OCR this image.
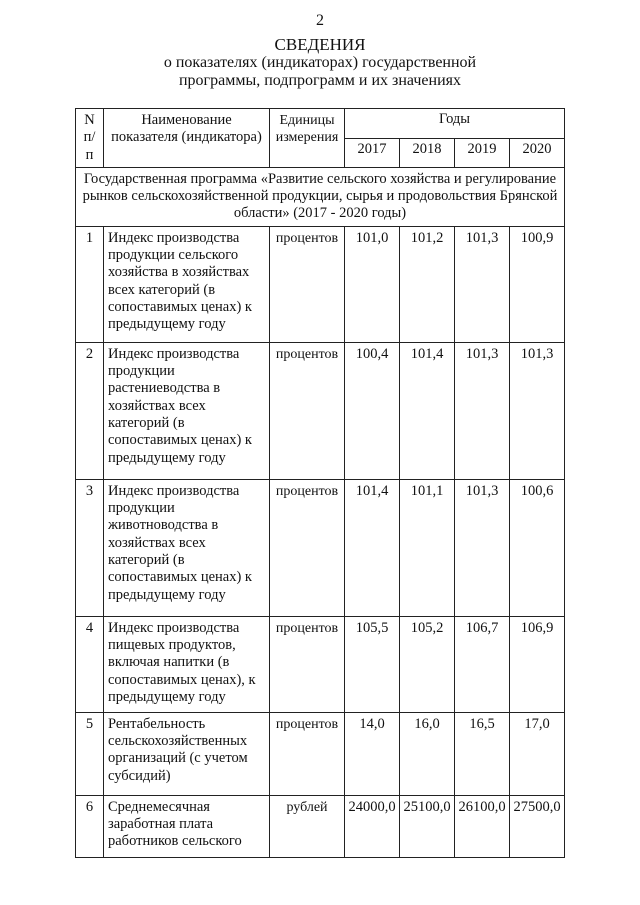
2
СВЕДЕНИЯ
о показателях (индикаторах) государственной
программы, подпрограмм и их значениях
N п/п	Наименование показателя (индикатора)	Единицы измерения	Годы			
			2017	2018	2019	2020
Государственная программа «Развитие сельского хозяйства и регулирование рынков сельскохозяйственной продукции, сырья и продовольствия Брянской области» (2017 - 2020 годы)						
1	Индекс производства продукции сельского хозяйства в хозяйствах всех категорий (в сопоставимых ценах) к предыдущему году	процентов	101,0	101,2	101,3	100,9
2	Индекс производства продукции растениеводства в хозяйствах всех категорий (в сопоставимых ценах) к предыдущему году	процентов	100,4	101,4	101,3	101,3
3	Индекс производства продукции животноводства в хозяйствах всех категорий (в сопоставимых ценах) к предыдущему году	процентов	101,4	101,1	101,3	100,6
4	Индекс производства пищевых продуктов, включая напитки (в сопоставимых ценах), к предыдущему году	процентов	105,5	105,2	106,7	106,9
5	Рентабельность сельскохозяйственных организаций (с учетом субсидий)	процентов	14,0	16,0	16,5	17,0
6	Среднемесячная заработная плата работников сельского	рублей	24000,0	25100,0	26100,0	27500,0
